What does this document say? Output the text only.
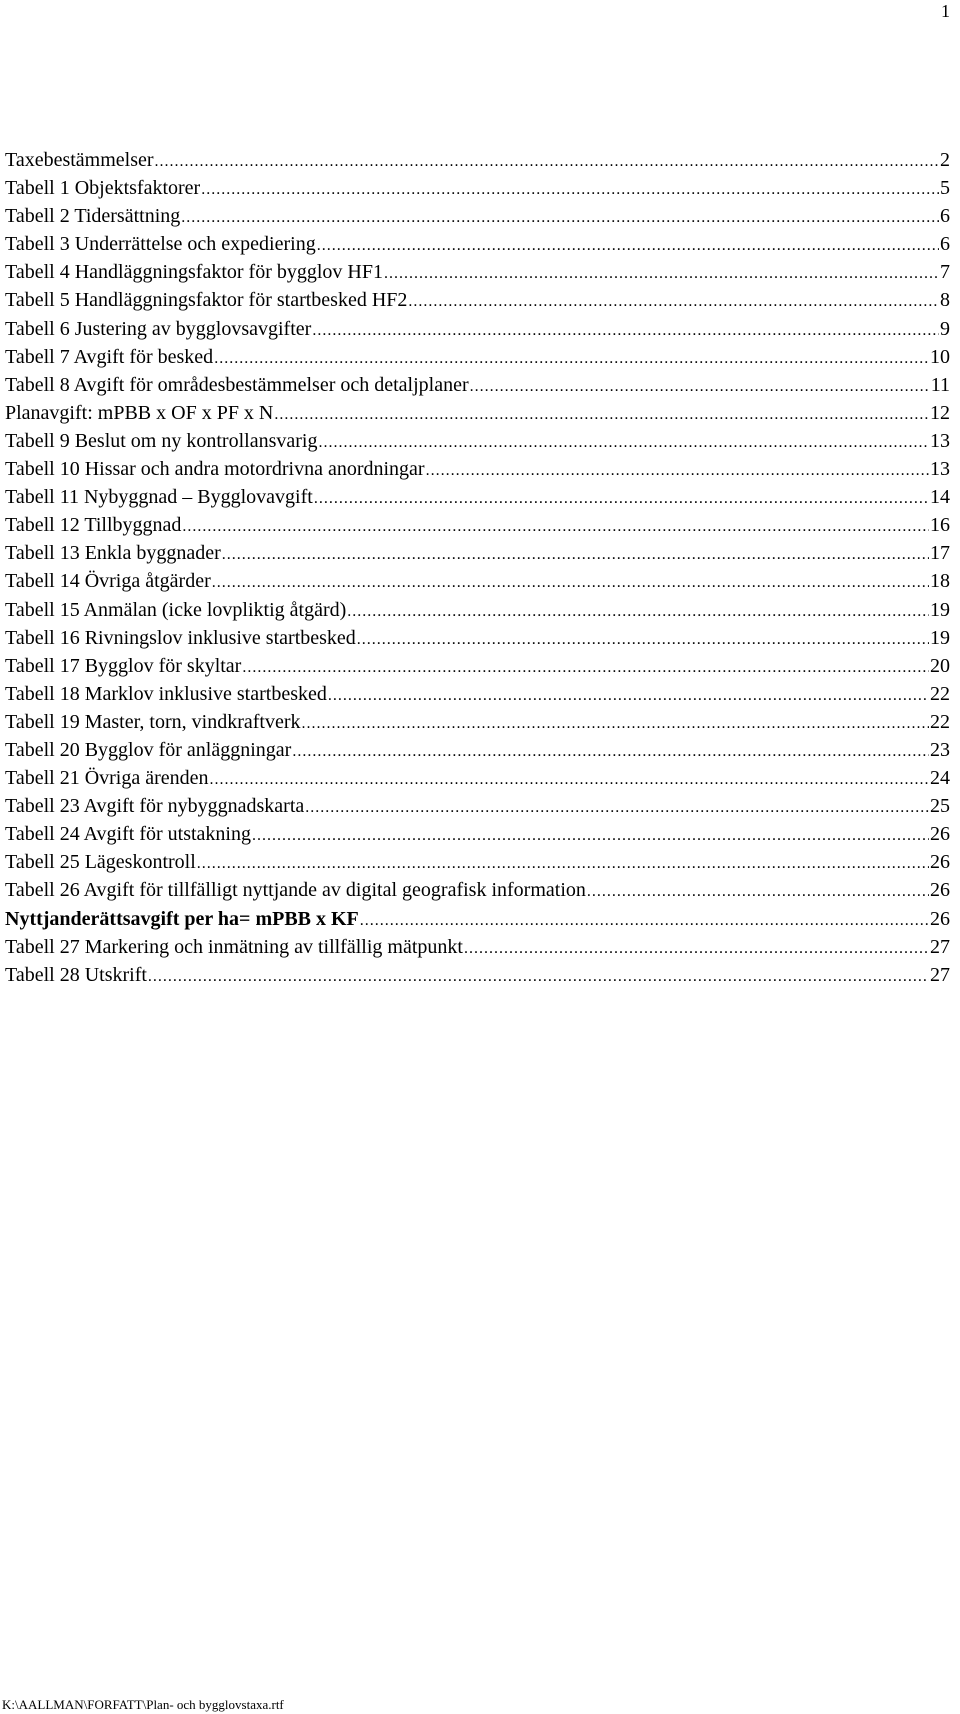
1
Taxebestämmelser .....	2
Tabell 1 Objektsfaktorer .....	5
Tabell 2 Tidersättning .....	6
Tabell 3 Underrättelse och expediering .....	6
Tabell 4 Handläggningsfaktor för bygglov HF1 .....	7
Tabell 5 Handläggningsfaktor för startbesked HF2 .....	8
Tabell 6 Justering av bygglovsavgifter .....	9
Tabell 7 Avgift för besked .....	10
Tabell 8 Avgift för områdesbestämmelser och detaljplaner .....	11
Planavgift: mPBB x OF x PF x N .....	12
Tabell 9 Beslut om ny kontrollansvarig .....	13
Tabell 10 Hissar och andra motordrivna anordningar .....	13
Tabell 11 Nybyggnad – Bygglovavgift .....	14
Tabell 12 Tillbyggnad .....	16
Tabell 13 Enkla byggnader .....	17
Tabell 14 Övriga åtgärder .....	18
Tabell 15 Anmälan (icke lovpliktig åtgärd) .....	19
Tabell 16 Rivningslov inklusive startbesked .....	19
Tabell 17 Bygglov för skyltar .....	20
Tabell 18 Marklov inklusive startbesked .....	22
Tabell 19 Master, torn, vindkraftverk .....	22
Tabell 20 Bygglov för anläggningar .....	23
Tabell 21 Övriga ärenden .....	24
Tabell 23 Avgift för nybyggnadskarta .....	25
Tabell 24 Avgift för utstakning .....	26
Tabell 25 Lägeskontroll .....	26
Tabell 26 Avgift för tillfälligt nyttjande av digital geografisk information .....	26
Nyttjanderättsavgift per ha= mPBB x KF .....	26
Tabell 27 Markering och inmätning av tillfällig mätpunkt .....	27
Tabell 28 Utskrift .....	27
K:\AALLMAN\FORFATT\Plan- och bygglovstaxa.rtf
